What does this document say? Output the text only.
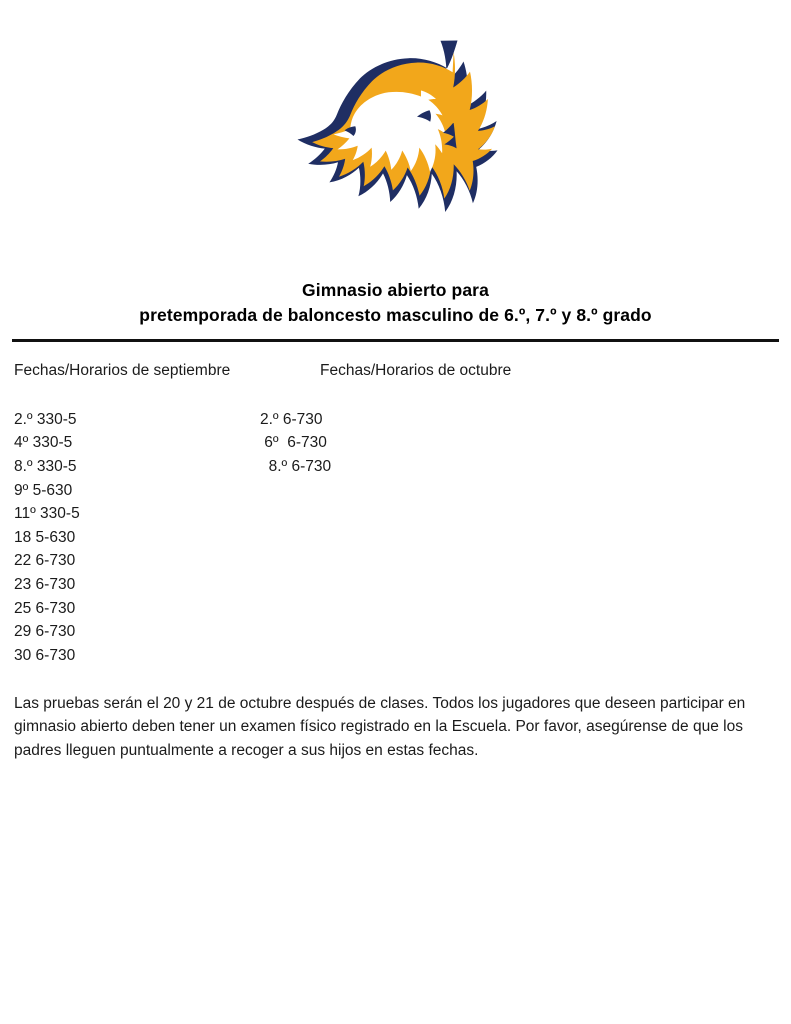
Gimnasio abierto para
pretemporada de baloncesto masculino de 6.º, 7.º y 8.º grado
Fechas/Horarios de septiembre	Fechas/Horarios de octubre
2.º 330-5
4º 330-5
8.º 330-5
9º 5-630
11º 330-5
18 5-630
22 6-730
23 6-730
25 6-730
29 6-730
30 6-730
2.º 6-730
6º  6-730
8.º 6-730

Las pruebas serán el 20 y 21 de octubre después de clases. Todos los jugadores que deseen participar en gimnasio abierto deben tener un examen físico registrado en la Escuela. Por favor, asegúrense de que los padres lleguen puntualmente a recoger a sus hijos en estas fechas.
